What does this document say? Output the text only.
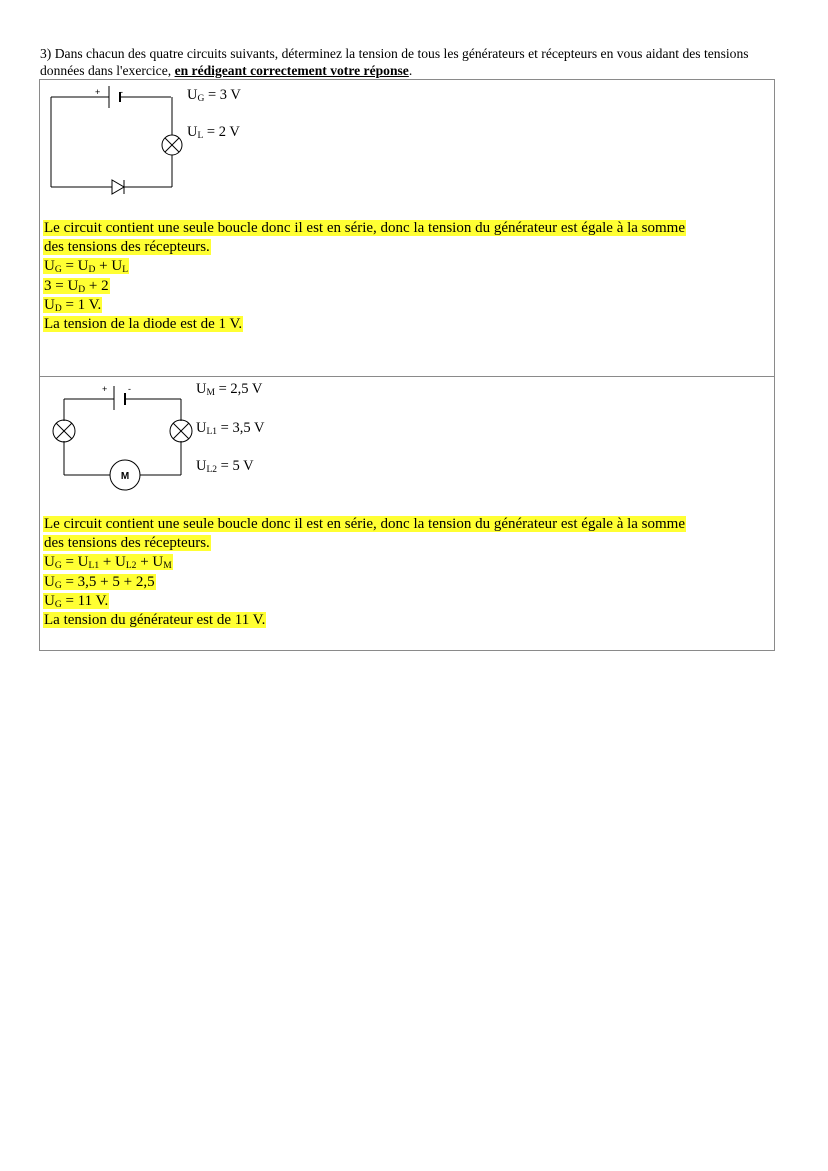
3) Dans chacun des quatre circuits suivants, déterminez la tension de tous les générateurs et récepteurs en vous aidant des tensions données dans l'exercice, en rédigeant correctement votre réponse.
+ -	$U_G = 3$ V
$U_L = 2$ V
Le circuit contient une seule boucle donc il est en série, donc la tension du générateur est égale à la somme
des tensions des récepteurs.
$U_G = U_D + U_L$
$3 = U_D + 2$
$U_D = 1$ V.
La tension de la diode est de 1 V.
+ -
M
$U_M = 2,5$ V
$U_{L1} = 3,5$ V
$U_{L2} = 5$ V
Le circuit contient une seule boucle donc il est en série, donc la tension du générateur est égale à la somme
des tensions des récepteurs.
$U_G = U_{L1} + U_{L2} + U_M$
$U_G = 3,5 + 5 + 2,5$
$U_G = 11$ V.
La tension du générateur est de 11 V.
